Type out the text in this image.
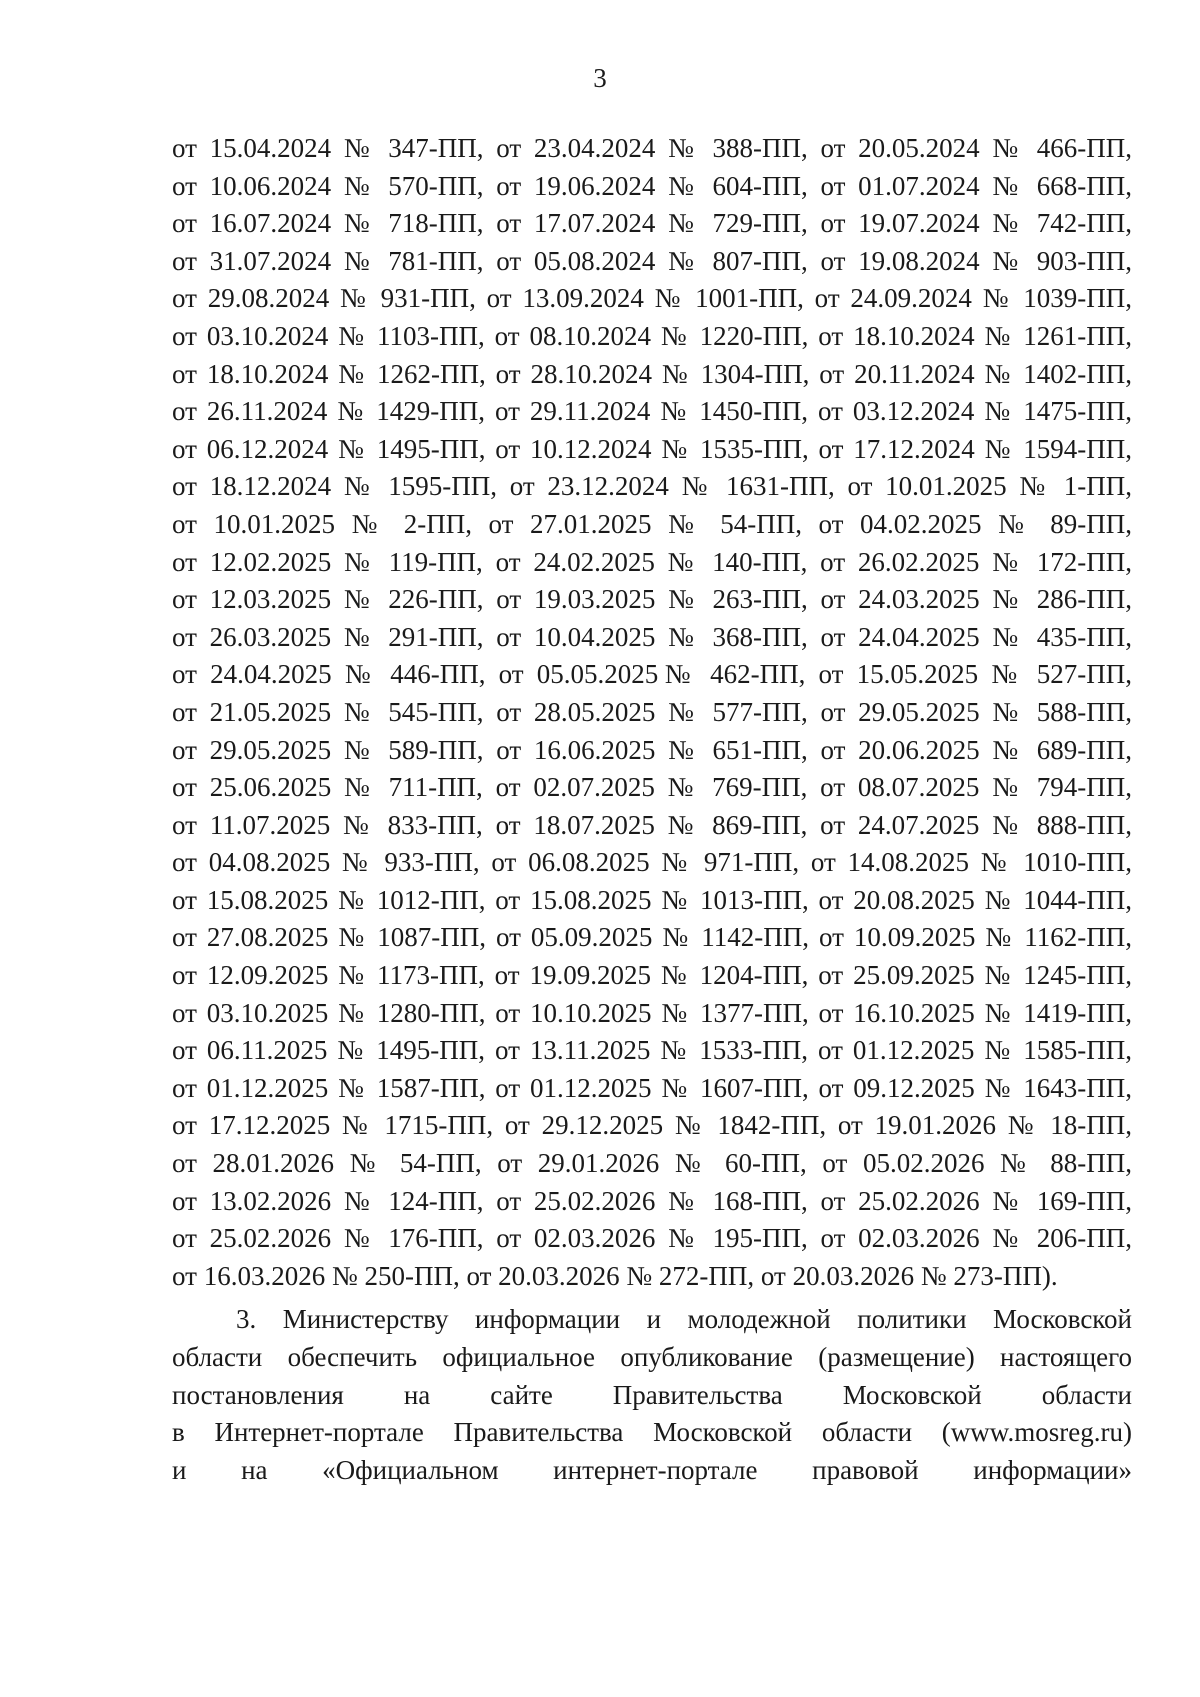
3
от 15.04.2024 № 347-ПП, от 23.04.2024 № 388-ПП, от 20.05.2024 № 466-ПП,
от 10.06.2024 № 570-ПП, от 19.06.2024 № 604-ПП, от 01.07.2024 № 668-ПП,
от 16.07.2024 № 718-ПП, от 17.07.2024 № 729-ПП, от 19.07.2024 № 742-ПП,
от 31.07.2024 № 781-ПП, от 05.08.2024 № 807-ПП, от 19.08.2024 № 903-ПП,
от 29.08.2024 № 931-ПП, от 13.09.2024 № 1001-ПП, от 24.09.2024 № 1039-ПП,
от 03.10.2024 № 1103-ПП, от 08.10.2024 № 1220-ПП, от 18.10.2024 № 1261-ПП,
от 18.10.2024 № 1262-ПП, от 28.10.2024 № 1304-ПП, от 20.11.2024 № 1402-ПП,
от 26.11.2024 № 1429-ПП, от 29.11.2024 № 1450-ПП, от 03.12.2024 № 1475-ПП,
от 06.12.2024 № 1495-ПП, от 10.12.2024 № 1535-ПП, от 17.12.2024 № 1594-ПП,
от 18.12.2024 № 1595-ПП, от 23.12.2024 № 1631-ПП, от 10.01.2025 № 1-ПП,
от 10.01.2025 № 2-ПП, от 27.01.2025 № 54-ПП, от 04.02.2025 № 89-ПП,
от 12.02.2025 № 119-ПП, от 24.02.2025 № 140-ПП, от 26.02.2025 № 172-ПП,
от 12.03.2025 № 226-ПП, от 19.03.2025 № 263-ПП, от 24.03.2025 № 286-ПП,
от 26.03.2025 № 291-ПП, от 10.04.2025 № 368-ПП, от 24.04.2025 № 435-ПП,
от 24.04.2025 № 446-ПП, от 05.05.2025№ 462-ПП, от 15.05.2025 № 527-ПП,
от 21.05.2025 № 545-ПП, от 28.05.2025 № 577-ПП, от 29.05.2025 № 588-ПП,
от 29.05.2025 № 589-ПП, от 16.06.2025 № 651-ПП, от 20.06.2025 № 689-ПП,
от 25.06.2025 № 711-ПП, от 02.07.2025 № 769-ПП, от 08.07.2025 № 794-ПП,
от 11.07.2025 № 833-ПП, от 18.07.2025 № 869-ПП, от 24.07.2025 № 888-ПП,
от 04.08.2025 № 933-ПП, от 06.08.2025 № 971-ПП, от 14.08.2025 № 1010-ПП,
от 15.08.2025 № 1012-ПП, от 15.08.2025 № 1013-ПП, от 20.08.2025 № 1044-ПП,
от 27.08.2025 № 1087-ПП, от 05.09.2025 № 1142-ПП, от 10.09.2025 № 1162-ПП,
от 12.09.2025 № 1173-ПП, от 19.09.2025 № 1204-ПП, от 25.09.2025 № 1245-ПП,
от 03.10.2025 № 1280-ПП, от 10.10.2025 № 1377-ПП, от 16.10.2025 № 1419-ПП,
от 06.11.2025 № 1495-ПП, от 13.11.2025 № 1533-ПП, от 01.12.2025 № 1585-ПП,
от 01.12.2025 № 1587-ПП, от 01.12.2025 № 1607-ПП, от 09.12.2025 № 1643-ПП,
от 17.12.2025 № 1715-ПП, от 29.12.2025 № 1842-ПП, от 19.01.2026 № 18-ПП,
от 28.01.2026 № 54-ПП, от 29.01.2026 № 60-ПП, от 05.02.2026 № 88-ПП,
от 13.02.2026 № 124-ПП, от 25.02.2026 № 168-ПП, от 25.02.2026 № 169-ПП,
от 25.02.2026 № 176-ПП, от 02.03.2026 № 195-ПП, от 02.03.2026 № 206-ПП,
от 16.03.2026 № 250-ПП, от 20.03.2026 № 272-ПП, от 20.03.2026 № 273-ПП).
3. Министерству информации и молодежной политики Московской
области обеспечить официальное опубликование (размещение) настоящего
постановления на сайте Правительства Московской области
в Интернет-портале Правительства Московской области (www.mosreg.ru)
и на «Официальном интернет-портале правовой информации»
